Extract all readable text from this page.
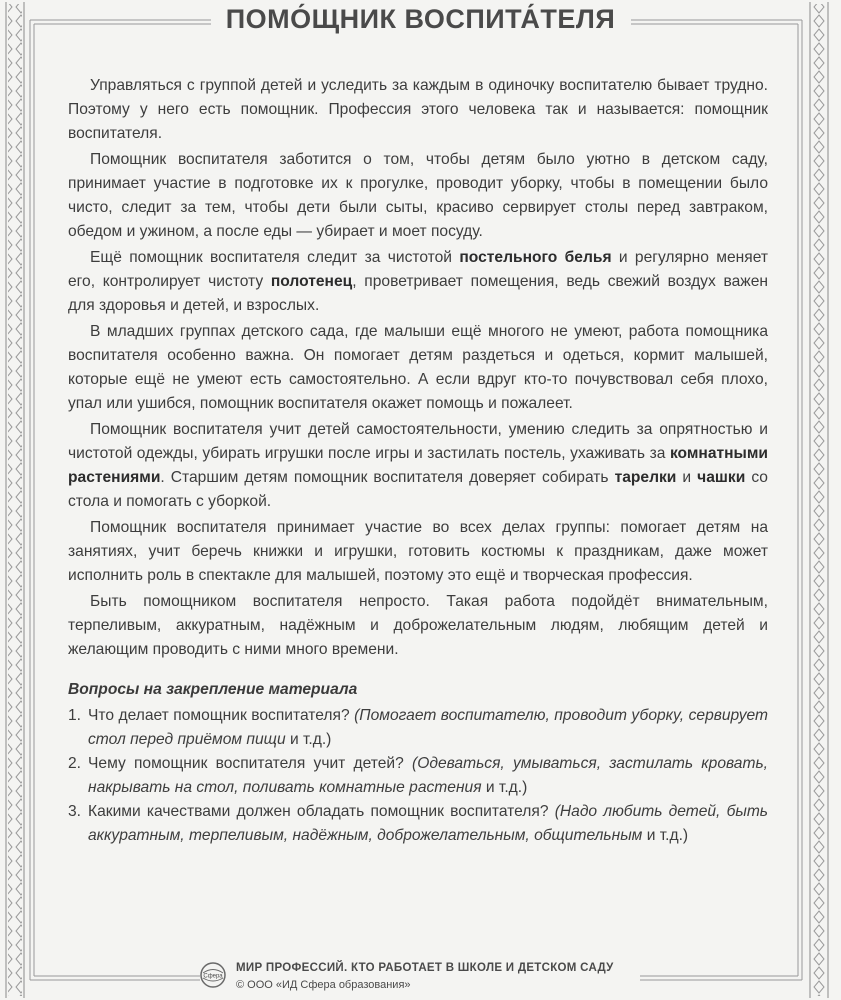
ПОМО́ЩНИК ВОСПИТА́ТЕЛЯ

Управляться с группой детей и уследить за каждым в одиночку воспитателю бывает трудно. Поэтому у него есть помощник. Профессия этого человека так и называется: помощник воспитателя.

Помощник воспитателя заботится о том, чтобы детям было уютно в детском саду, принимает участие в подготовке их к прогулке, проводит уборку, чтобы в помещении было чисто, следит за тем, чтобы дети были сыты, красиво сервирует столы перед завтраком, обедом и ужином, а после еды — убирает и моет посуду.

Ещё помощник воспитателя следит за чистотой постельного белья и регулярно меняет его, контролирует чистоту полотенец, проветривает помещения, ведь свежий воздух важен для здоровья и детей, и взрослых.

В младших группах детского сада, где малыши ещё многого не умеют, работа помощника воспитателя особенно важна. Он помогает детям раздеться и одеться, кормит малышей, которые ещё не умеют есть самостоятельно. А если вдруг кто-то почувствовал себя плохо, упал или ушибся, помощник воспитателя окажет помощь и пожалеет.

Помощник воспитателя учит детей самостоятельности, умению следить за опрятностью и чистотой одежды, убирать игрушки после игры и застилать постель, ухаживать за комнатными растениями. Старшим детям помощник воспитателя доверяет собирать тарелки и чашки со стола и помогать с уборкой.

Помощник воспитателя принимает участие во всех делах группы: помогает детям на занятиях, учит беречь книжки и игрушки, готовить костюмы к праздникам, даже может исполнить роль в спектакле для малышей, поэтому это ещё и творческая профессия.

Быть помощником воспитателя непросто. Такая работа подойдёт внимательным, терпеливым, аккуратным, надёжным и доброжелательным людям, любящим детей и желающим проводить с ними много времени.

Вопросы на закрепление материала
1. Что делает помощник воспитателя? (Помогает воспитателю, проводит уборку, сервирует стол перед приёмом пищи и т.д.)
2. Чему помощник воспитателя учит детей? (Одеваться, умываться, застилать кровать, накрывать на стол, поливать комнатные растения и т.д.)
3. Какими качествами должен обладать помощник воспитателя? (Надо любить детей, быть аккуратным, терпеливым, надёжным, доброжелательным, общительным и т.д.)
Сфера
МИР ПРОФЕССИЙ. КТО РАБОТАЕТ В ШКОЛЕ И ДЕТСКОМ САДУ
© ООО «ИД Сфера образования»
